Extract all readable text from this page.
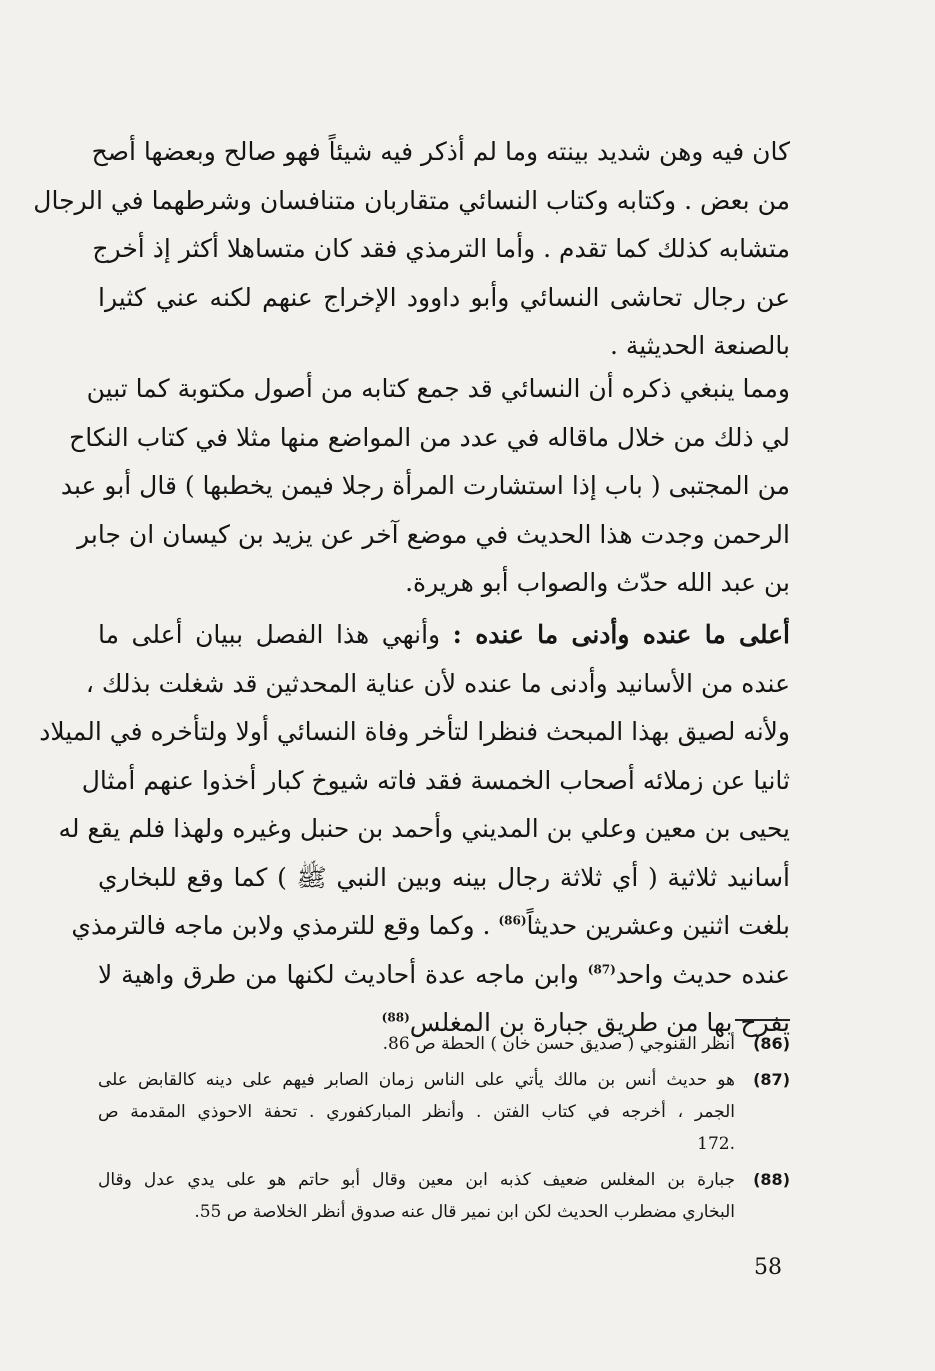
كان فيه وهن شديد بينته وما لم أذكر فيه شيئاً فهو صالح وبعضها أصح
من بعض . وكتابه وكتاب النسائي متقاربان متنافسان وشرطهما في الرجال
متشابه كذلك كما تقدم . وأما الترمذي فقد كان متساهلا أكثر إذ أخرج
عن رجال تحاشى النسائي وأبو داوود الإخراج عنهم لكنه عني كثيرا
بالصنعة الحديثية .
ومما ينبغي ذكره أن النسائي قد جمع كتابه من أصول مكتوبة كما تبين
لي ذلك من خلال ماقاله في عدد من المواضع منها مثلا في كتاب النكاح
من المجتبى ( باب إذا استشارت المرأة رجلا فيمن يخطبها ) قال أبو عبد
الرحمن وجدت هذا الحديث في موضع آخر عن يزيد بن كيسان ان جابر
بن عبد الله حدّث والصواب أبو هريرة.
أعلى ما عنده وأدنى ما عنده : وأنهي هذا الفصل ببيان أعلى ما
عنده من الأسانيد وأدنى ما عنده لأن عناية المحدثين قد شغلت بذلك ،
ولأنه لصيق بهذا المبحث فنظرا لتأخر وفاة النسائي أولا ولتأخره في الميلاد
ثانيا عن زملائه أصحاب الخمسة فقد فاته شيوخ كبار أخذوا عنهم أمثال
يحيى بن معين وعلي بن المديني وأحمد بن حنبل وغيره ولهذا فلم يقع له
أسانيد ثلاثية ( أي ثلاثة رجال بينه وبين النبي ﷺ ) كما وقع للبخاري
بلغت اثنين وعشرين حديثاً$^{(86)}$ . وكما وقع للترمذي ولابن ماجه فالترمذي
عنده حديث واحد$^{(87)}$ وابن ماجه عدة أحاديث لكنها من طرق واهية لا
يفرح بها من طريق جبارة بن المغلس$^{(88)}$
(86)
أنظر القنوجي ( صديق حسن خان ) الحطة ص 86.
(87)
هو حديث أنس بن مالك يأتي على الناس زمان الصابر فيهم على دينه كالقابض على
الجمر ، أخرجه في كتاب الفتن . وأنظر المباركفوري . تحفة الاحوذي المقدمة ص
.172
(88)
جبارة بن المغلس ضعيف كذبه ابن معين وقال أبو حاتم هو على يدي عدل وقال
البخاري مضطرب الحديث لكن ابن نمير قال عنه صدوق أنظر الخلاصة ص 55.
58
